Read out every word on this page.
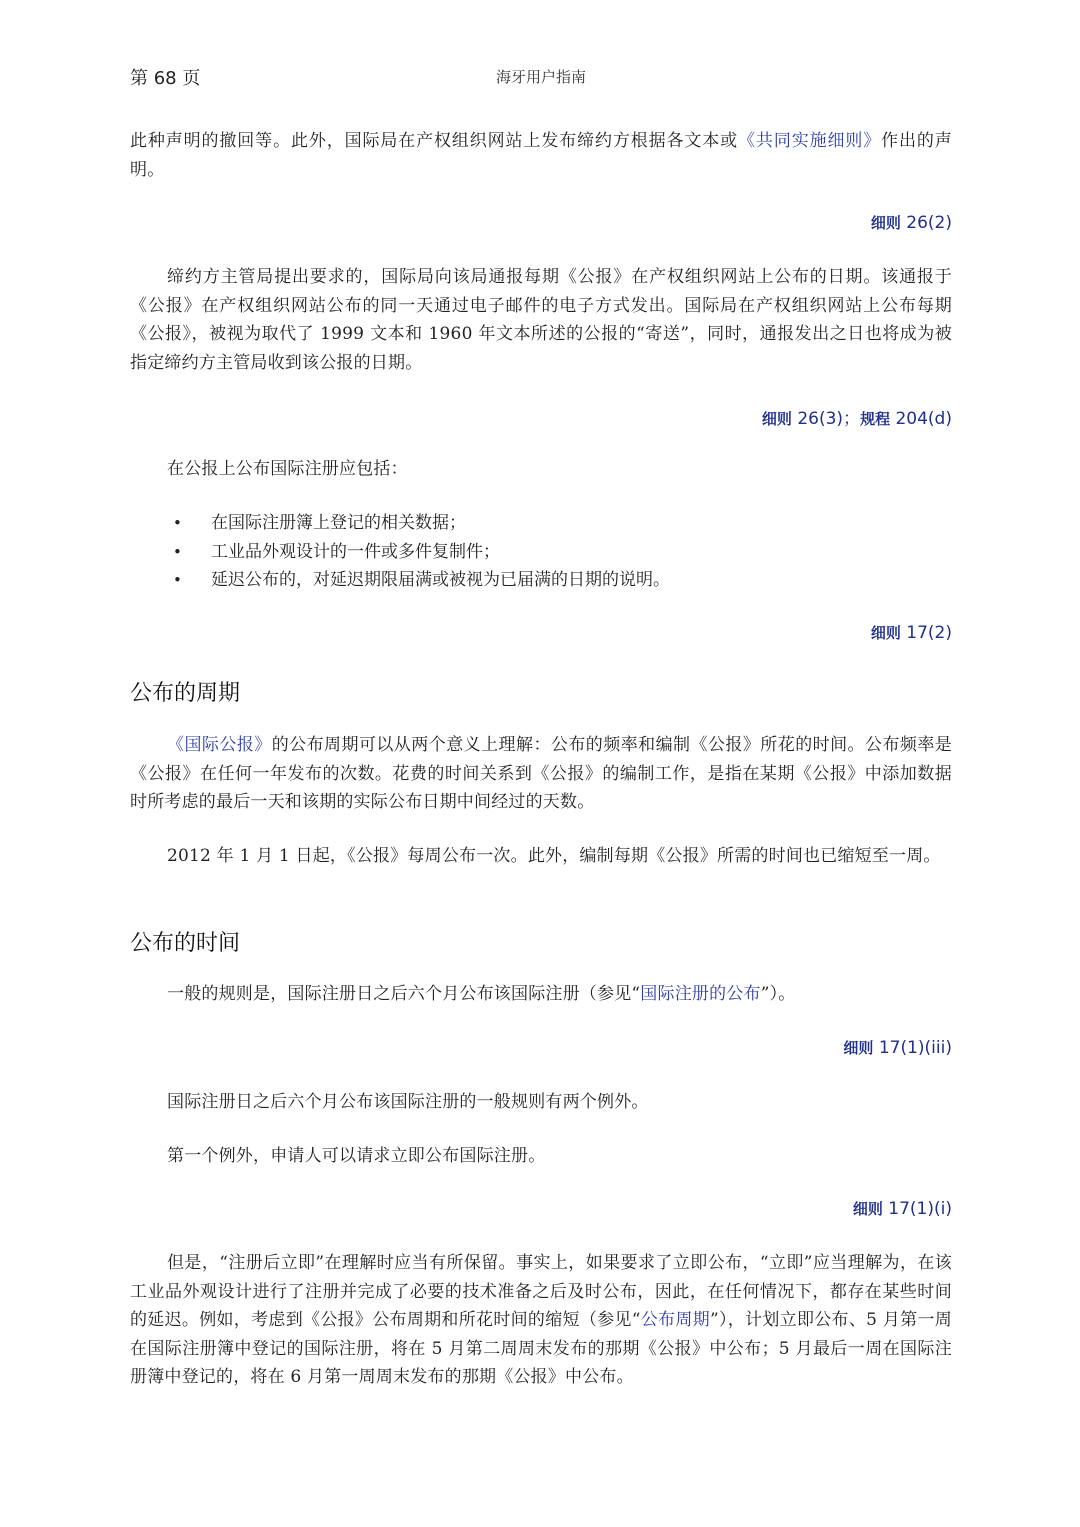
第 68 页	海牙用户指南
此种声明的撤回等。此外，国际局在产权组织网站上发布缔约方根据各文本或《共同实施细则》作出的声明。
细则 26(2)
缔约方主管局提出要求的，国际局向该局通报每期《公报》在产权组织网站上公布的日期。该通报于《公报》在产权组织网站公布的同一天通过电子邮件的电子方式发出。国际局在产权组织网站上公布每期《公报》，被视为取代了 1999 文本和 1960 年文本所述的公报的“寄送”，同时，通报发出之日也将成为被指定缔约方主管局收到该公报的日期。
细则 26(3)；规程 204(d)
在公报上公布国际注册应包括：
• 在国际注册簿上登记的相关数据；
• 工业品外观设计的一件或多件复制件；
• 延迟公布的，对延迟期限届满或被视为已届满的日期的说明。
细则 17(2)
公布的周期
《国际公报》的公布周期可以从两个意义上理解：公布的频率和编制《公报》所花的时间。公布频率是《公报》在任何一年发布的次数。花费的时间关系到《公报》的编制工作，是指在某期《公报》中添加数据时所考虑的最后一天和该期的实际公布日期中间经过的天数。
2012 年 1 月 1 日起，《公报》每周公布一次。此外，编制每期《公报》所需的时间也已缩短至一周。
公布的时间
一般的规则是，国际注册日之后六个月公布该国际注册（参见“国际注册的公布”）。
细则 17(1)(iii)
国际注册日之后六个月公布该国际注册的一般规则有两个例外。
第一个例外，申请人可以请求立即公布国际注册。
细则 17(1)(i)
但是，“注册后立即”在理解时应当有所保留。事实上，如果要求了立即公布，“立即”应当理解为，在该工业品外观设计进行了注册并完成了必要的技术准备之后及时公布，因此，在任何情况下，都存在某些时间的延迟。例如，考虑到《公报》公布周期和所花时间的缩短（参见“公布周期”），计划立即公布、5 月第一周在国际注册簿中登记的国际注册，将在 5 月第二周周末发布的那期《公报》中公布；5 月最后一周在国际注册簿中登记的，将在 6 月第一周周末发布的那期《公报》中公布。
